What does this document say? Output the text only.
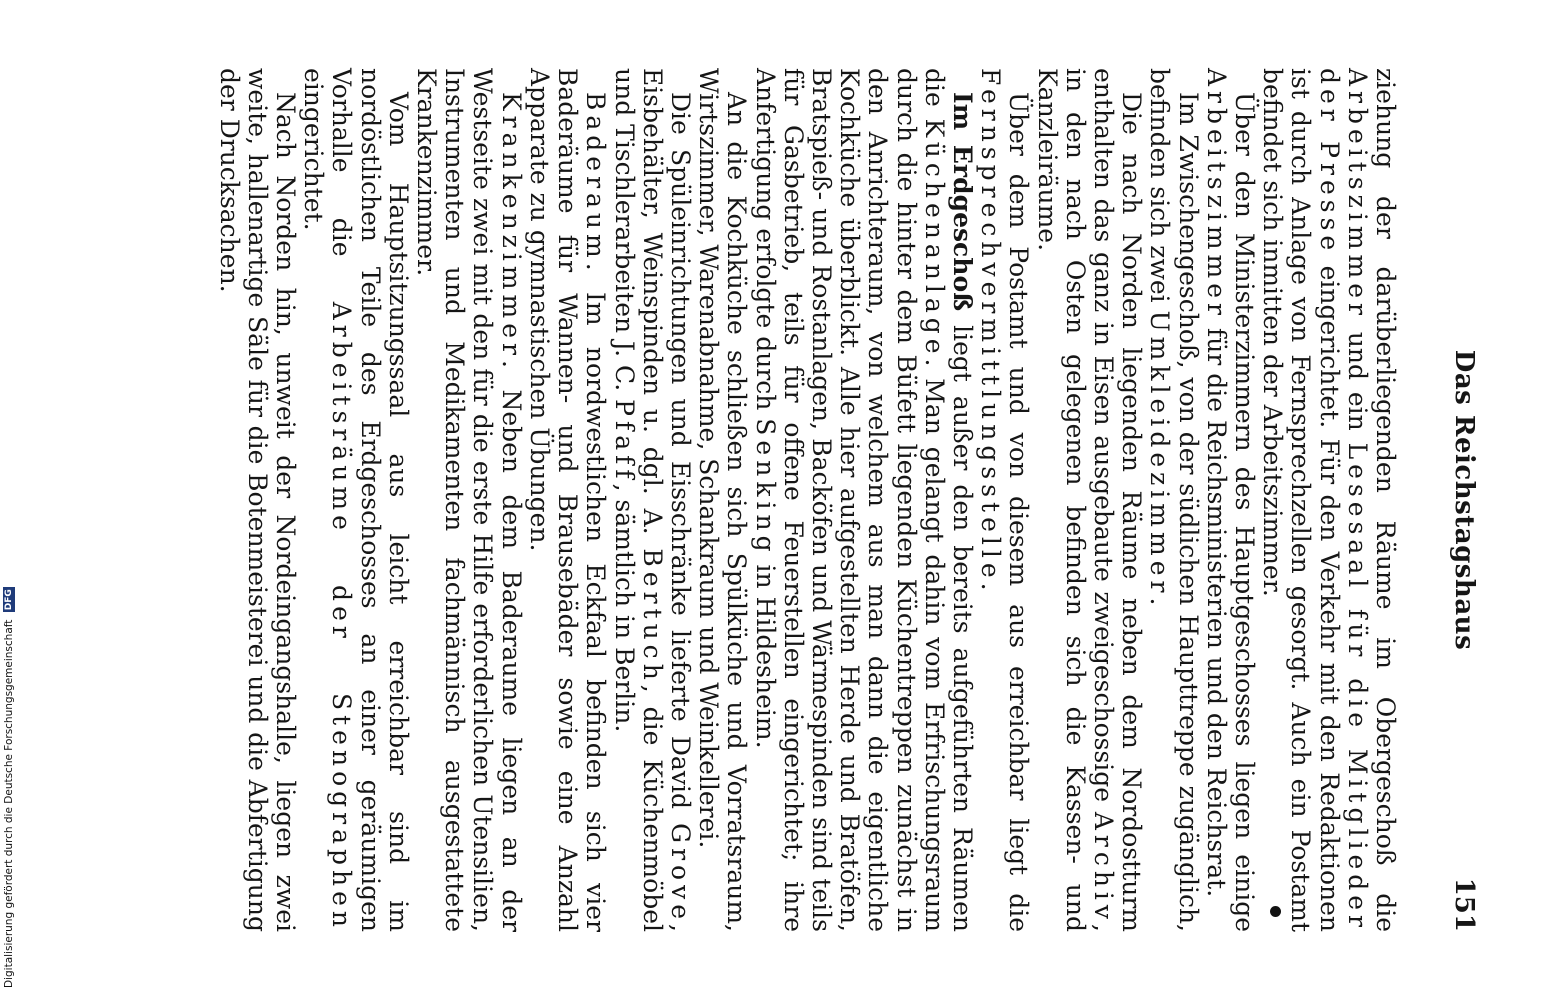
Das Reichstagshaus
151

ziehung der darüberliegenden Räume im Obergeschoß die Arbeitszimmer und ein Lesesaal für die Mitglieder der Presse eingerichtet. Für den Verkehr mit den Redaktionen ist durch Anlage von Fernsprechzellen gesorgt. Auch ein Postamt befindet sich inmitten der Arbeitszimmer.

Über den Ministerzimmern des Hauptgeschosses liegen einige Arbeitszimmer für die Reichsministerien und den Reichsrat.

Im Zwischengeschoß, von der südlichen Haupttreppe zugänglich, befinden sich zwei Umkleidezimmer.

Die nach Norden liegenden Räume neben dem Nordostturm enthalten das ganz in Eisen ausgebaute zweigeschossige Archiv, in den nach Osten gelegenen befinden sich die Kassen- und Kanzleiräume.

Über dem Postamt und von diesem aus erreichbar liegt die Fernsprechvermittlungsstelle.

Im Erdgeschoß liegt außer den bereits aufgeführten Räumen die Küchenanlage. Man gelangt dahin vom Erfrischungsraum durch die hinter dem Büfett liegenden Küchentreppen zunächst in den Anrichteraum, von welchem aus man dann die eigentliche Kochküche überblickt. Alle hier aufgestellten Herde und Bratöfen, Bratspieß- und Rostanlagen, Backöfen und Wärmespinden sind teils für Gasbetrieb, teils für offene Feuerstellen eingerichtet; ihre Anfertigung erfolgte durch Senking in Hildesheim.

An die Kochküche schließen sich Spülküche und Vorratsraum, Wirtszimmer, Warenabnahme, Schankraum und Weinkellerei.

Die Spüleinrichtungen und Eisschränke lieferte David Grove, Eisbehälter, Weinspinden u. dgl. A. Bertuch, die Küchenmöbel und Tischlerarbeiten J. C. Pfaff, sämtlich in Berlin.

Baderaum. Im nordwestlichen Eckfaal befinden sich vier Baderäume für Wannen- und Brausebäder sowie eine Anzahl Apparate zu gymnastischen Übungen.

Krankenzimmer. Neben dem Baderaume liegen an der Westseite zwei mit den für die erste Hilfe erforderlichen Utensilien, Instrumenten und Medikamenten fachmännisch ausgestattete Krankenzimmer.

Vom Hauptsitzungssaal aus leicht erreichbar sind im nordöstlichen Teile des Erdgeschosses an einer geräumigen Vorhalle die Arbeitsräume der Stenographen eingerichtet.

Nach Norden hin, unweit der Nordeingangshalle, liegen zwei weite, hallenartige Säle für die Botenmeisterei und die Abfertigung der Drucksachen.

Digitalisierung gefördert durch die Deutsche Forschungsgemeinschaft DFG
